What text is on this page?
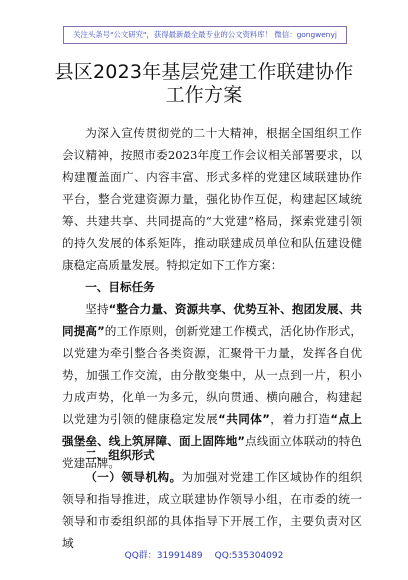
关注头条号"公文研究"，获得最新最全最专业的公文资料库！ 微信：gongwenyj
县区2023年基层党建工作联建协作
工作方案

为深入宣传贯彻党的二十大精神，根据全国组织工作会议精神，按照市委2023年度工作会议相关部署要求，以构建覆盖面广、内容丰富、形式多样的党建区域联建协作平台，整合党建资源力量，强化协作互促，构建起区域统筹、共建共享、共同提高的“大党建”格局，探索党建引领的持久发展的体系矩阵，推动联建成员单位和队伍建设健康稳定高质量发展。特拟定如下工作方案：

一、目标任务

坚持“整合力量、资源共享、优势互补、抱团发展、共同提高”的工作原则，创新党建工作模式，活化协作形式，以党建为牵引整合各类资源，汇聚骨干力量，发挥各自优势，加强工作交流，由分散变集中，从一点到一片，积小力成声势，化单一为多元，纵向贯通、横向融合，构建起以党建为引领的健康稳定发展“共同体”，着力打造“点上强堡垒、线上筑屏障、面上固阵地”点线面立体联动的特色党建品牌。

二、组织形式

（一）领导机构。为加强对党建工作区域协作的组织领导和指导推进，成立联建协作领导小组，在市委的统一领导和市委组织部的具体指导下开展工作，主要负责对区域

QQ群：31991489 QQ:535304092
